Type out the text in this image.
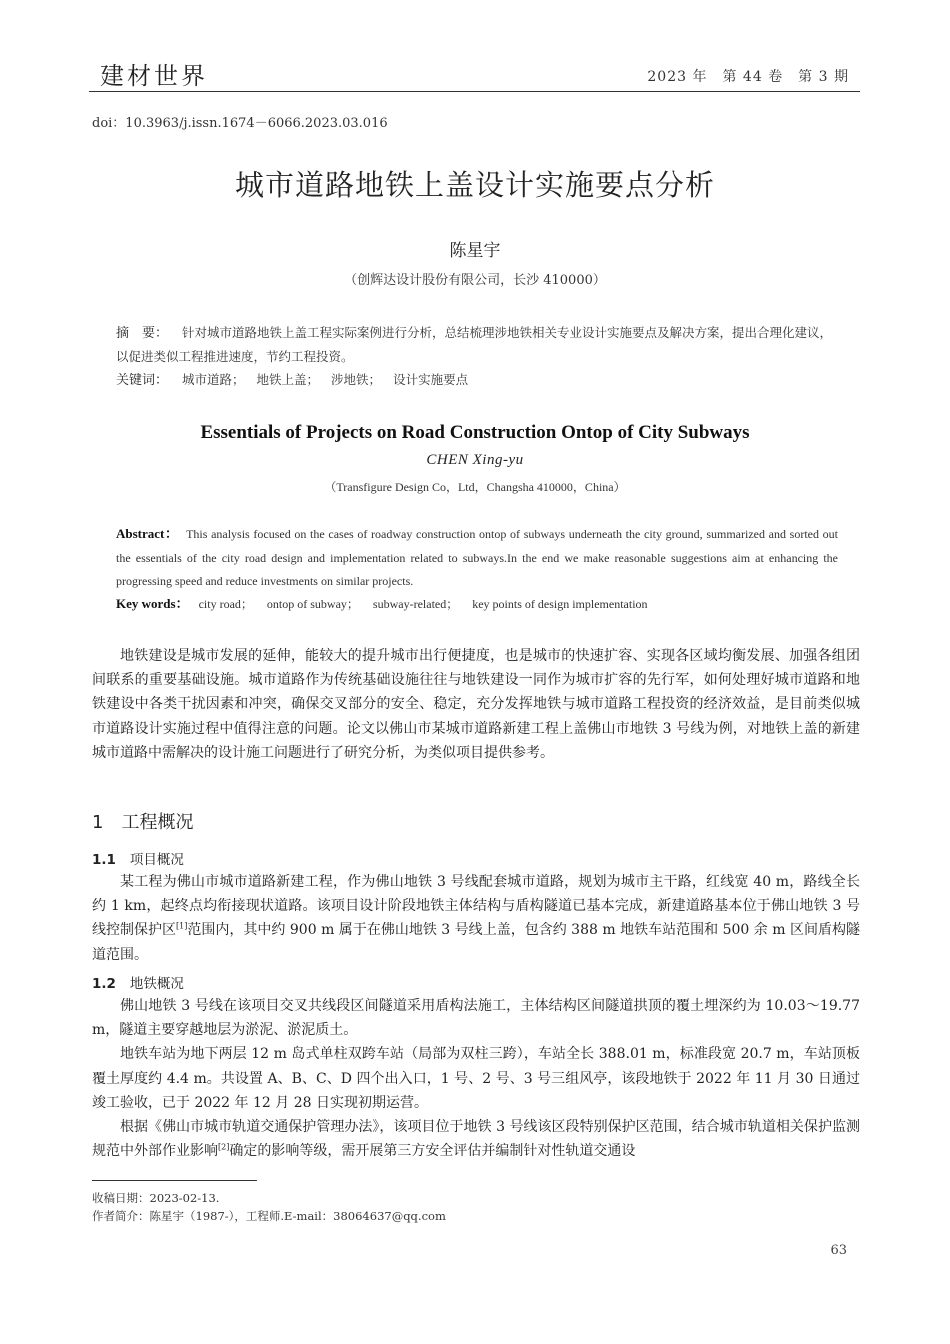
建材世界	2023 年　第 44 卷　第 3 期
doi：10.3963/j.issn.1674－6066.2023.03.016
城市道路地铁上盖设计实施要点分析
陈星宇
（创辉达设计股份有限公司，长沙 410000）
摘　要： 针对城市道路地铁上盖工程实际案例进行分析，总结梳理涉地铁相关专业设计实施要点及解决方案，提出合理化建议，以促进类似工程推进速度，节约工程投资。
关键词： 城市道路； 地铁上盖； 涉地铁； 设计实施要点
Essentials of Projects on Road Construction Ontop of City Subways
CHEN Xing-yu
（Transfigure Design Co，Ltd，Changsha 410000，China）
Abstract： This analysis focused on the cases of roadway construction ontop of subways underneath the city ground, summarized and sorted out the essentials of the city road design and implementation related to subways.In the end we make reasonable suggestions aim at enhancing the progressing speed and reduce investments on similar projects.
Key words： city road； ontop of subway； subway-related； key points of design implementation

地铁建设是城市发展的延伸，能较大的提升城市出行便捷度，也是城市的快速扩容、实现各区域均衡发展、加强各组团间联系的重要基础设施。城市道路作为传统基础设施往往与地铁建设一同作为城市扩容的先行军，如何处理好城市道路和地铁建设中各类干扰因素和冲突，确保交叉部分的安全、稳定，充分发挥地铁与城市道路工程投资的经济效益，是目前类似城市道路设计实施过程中值得注意的问题。论文以佛山市某城市道路新建工程上盖佛山市地铁 3 号线为例，对地铁上盖的新建城市道路中需解决的设计施工问题进行了研究分析，为类似项目提供参考。

1 工程概况
1.1 项目概况

某工程为佛山市城市道路新建工程，作为佛山地铁 3 号线配套城市道路，规划为城市主干路，红线宽 40 m，路线全长约 1 km，起终点均衔接现状道路。该项目设计阶段地铁主体结构与盾构隧道已基本完成，新建道路基本位于佛山地铁 3 号线控制保护区[1]范围内，其中约 900 m 属于在佛山地铁 3 号线上盖，包含约 388 m 地铁车站范围和 500 余 m 区间盾构隧道范围。

1.2 地铁概况

佛山地铁 3 号线在该项目交叉共线段区间隧道采用盾构法施工，主体结构区间隧道拱顶的覆土埋深约为 10.03～19.77 m，隧道主要穿越地层为淤泥、淤泥质土。

地铁车站为地下两层 12 m 岛式单柱双跨车站（局部为双柱三跨），车站全长 388.01 m，标准段宽 20.7 m，车站顶板覆土厚度约 4.4 m。共设置 A、B、C、D 四个出入口，1 号、2 号、3 号三组风亭，该段地铁于 2022 年 11 月 30 日通过竣工验收，已于 2022 年 12 月 28 日实现初期运营。

根据《佛山市城市轨道交通保护管理办法》，该项目位于地铁 3 号线该区段特别保护区范围，结合城市轨道相关保护监测规范中外部作业影响[2]确定的影响等级，需开展第三方安全评估并编制针对性轨道交通设

收稿日期：2023-02-13.
作者简介：陈星宇（1987-），工程师.E-mail：38064637@qq.com
63
